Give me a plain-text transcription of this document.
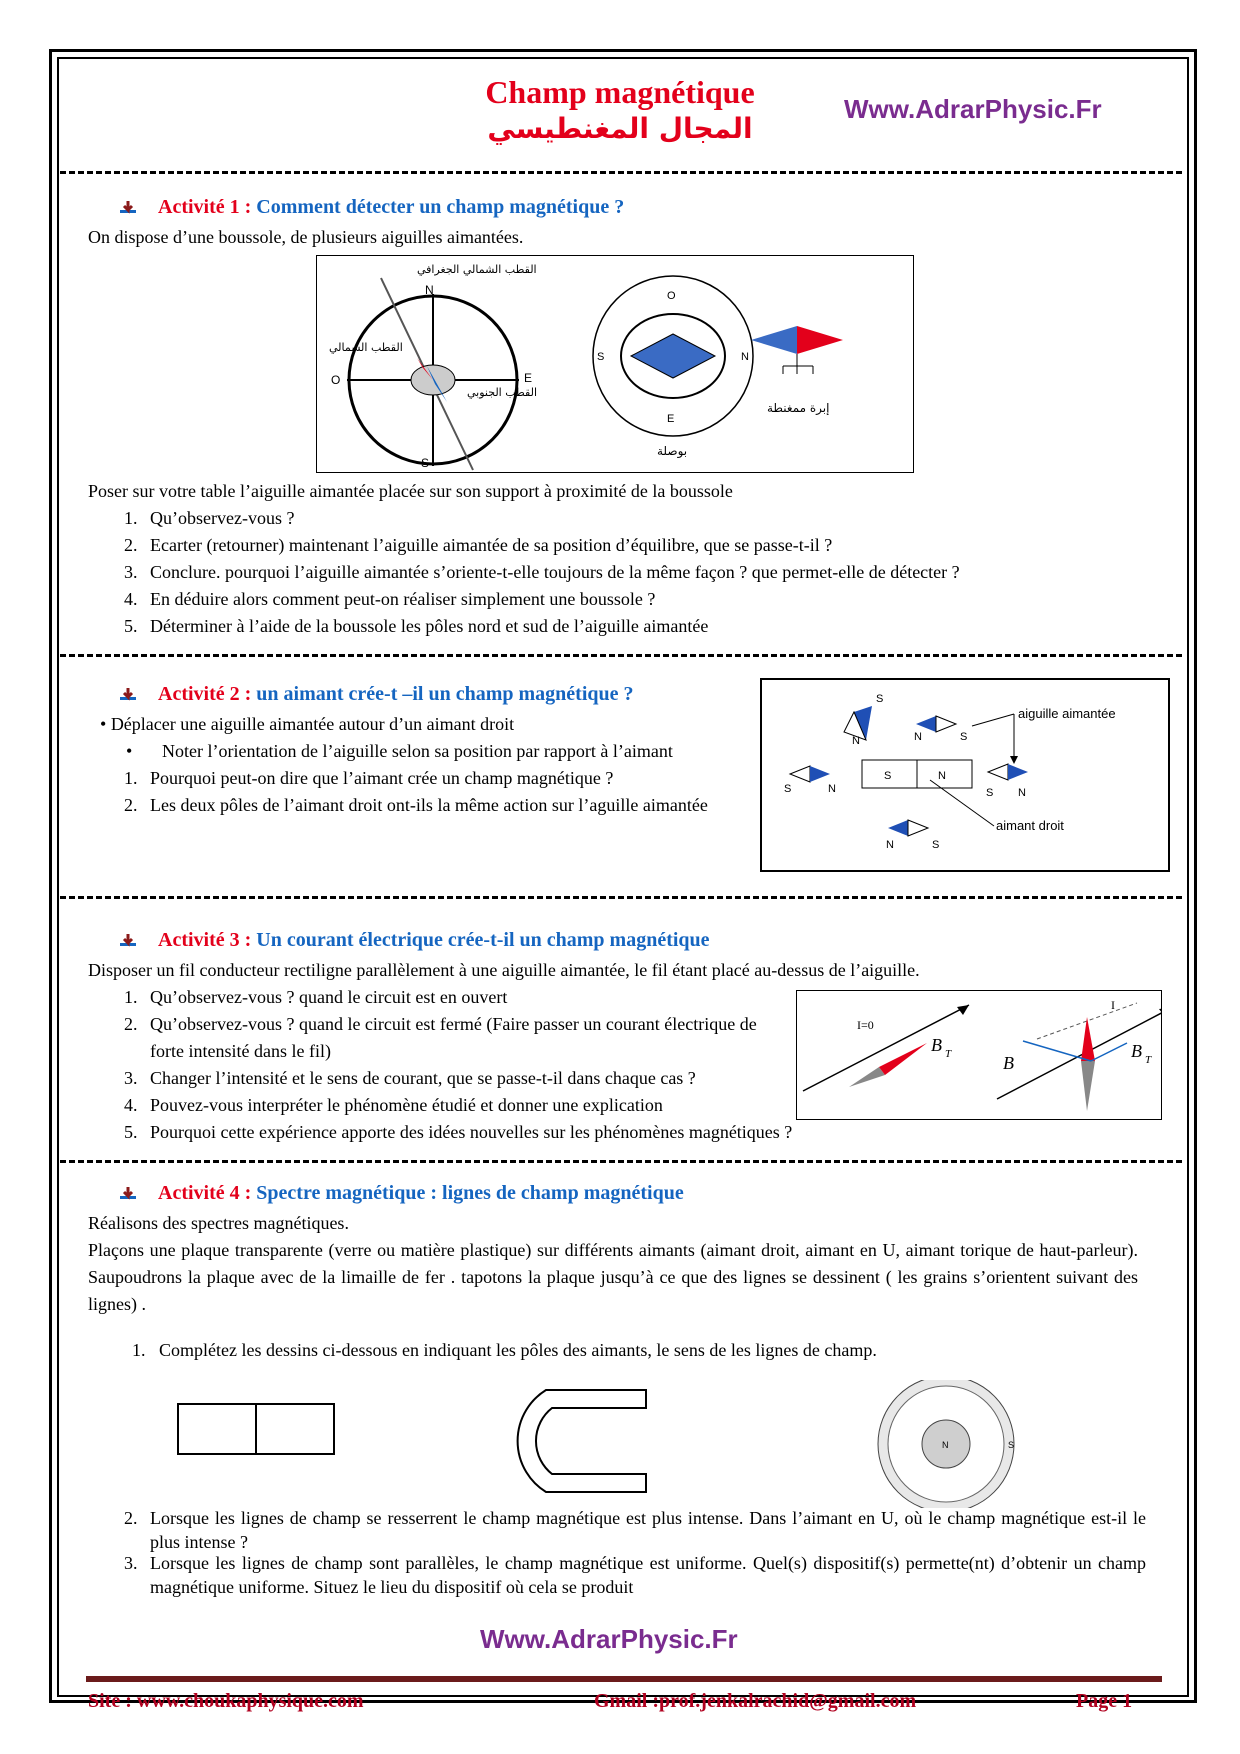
Champ magnétique
المجال المغنطيسي
Www.AdrarPhysic.Fr
Activité 1 : Comment détecter un champ magnétique ?
On dispose d’une boussole, de plusieurs aiguilles aimantées.
N
S
E
O
القطب الشمالي الجغرافي
القطب الشمالي
القطب الجنوبي
O
E
S	N
بوصلة
إبرة ممغنطة
Poser sur votre table l’aiguille aimantée placée sur son support à proximité de la boussole
1. Qu’observez-vous ?
2. Ecarter (retourner) maintenant l’aiguille aimantée de sa position d’équilibre, que se passe-t-il ?
3. Conclure. pourquoi l’aiguille aimantée s’oriente-t-elle toujours de la même façon ? que permet-elle de détecter ?
4. En déduire alors comment peut-on réaliser simplement une boussole ?
5. Déterminer à l’aide de la boussole les pôles nord et sud de l’aiguille aimantée
Activité 2 : un aimant crée-t –il un champ magnétique ?
• Déplacer une aiguille aimantée autour d’un aimant droit
• Noter l’orientation de l’aiguille selon sa position par rapport à l’aimant
1. Pourquoi peut-on dire que l’aimant crée un champ magnétique ?
2. Les deux pôles de l’aimant droit ont-ils la même action sur l’aguille aimantée
S	N
S
N	N	S
S	N	S N
N	S
aiguille aimantée
aimant droit
Activité 3 : Un courant électrique crée-t-il un champ magnétique
Disposer un fil conducteur rectiligne parallèlement à une aiguille aimantée, le fil étant placé au-dessus de l’aiguille.
1. Qu’observez-vous ? quand le circuit est en ouvert
2. Qu’observez-vous ? quand le circuit est fermé (Faire passer un courant électrique de forte intensité dans le fil)
3. Changer l’intensité et le sens de courant, que se passe-t-il dans chaque cas ?
4. Pouvez-vous interpréter le phénomène étudié et donner une explication
5. Pourquoi cette expérience apporte des idées nouvelles sur les phénomènes magnétiques ?
I=0
B T
I
B
B T
Activité 4 : Spectre magnétique : lignes de champ magnétique
Réalisons des spectres magnétiques.
Plaçons une plaque transparente (verre ou matière plastique) sur différents aimants (aimant droit, aimant en U, aimant torique de haut-parleur). Saupoudrons la plaque avec de la limaille de fer . tapotons la plaque jusqu’à ce que des lignes se dessinent ( les grains s’orientent suivant des lignes) .
1. Complétez les dessins ci-dessous en indiquant les pôles des aimants, le sens de les lignes de champ.
N	S
2. Lorsque les lignes de champ se resserrent le champ magnétique est plus intense. Dans l’aimant en U, où le champ magnétique est-il le plus intense ?
3. Lorsque les lignes de champ sont parallèles, le champ magnétique est uniforme. Quel(s) dispositif(s) permette(nt) d’obtenir un champ magnétique uniforme. Situez le lieu du dispositif où cela se produit
Www.AdrarPhysic.Fr
Site : www.choukaphysique.com	Gmail :prof.jenkalrachid@gmail.com	Page 1
